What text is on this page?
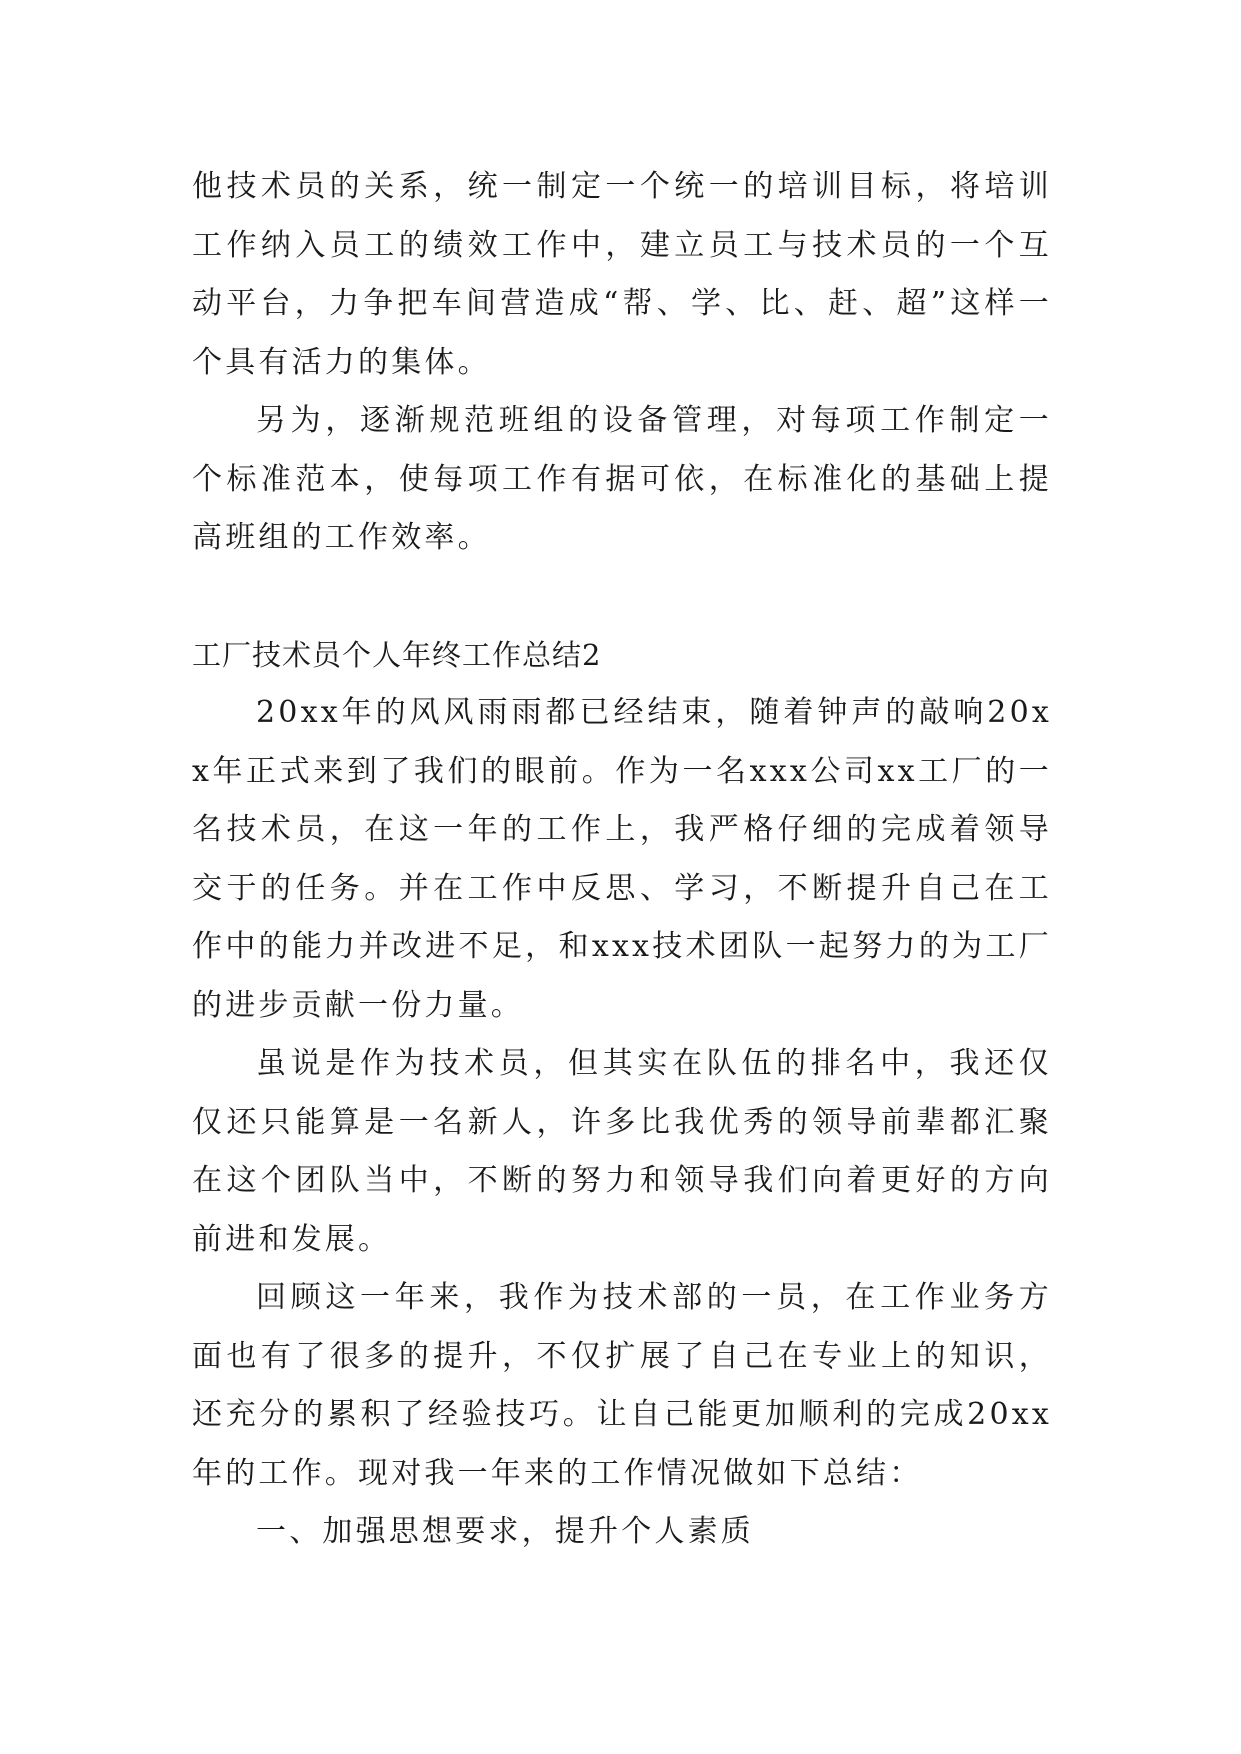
他技术员的关系，统一制定一个统一的培训目标，将培训工作纳入员工的绩效工作中，建立员工与技术员的一个互动平台，力争把车间营造成“帮、学、比、赶、超”这样一个具有活力的集体。

另为，逐渐规范班组的设备管理，对每项工作制定一个标准范本，使每项工作有据可依，在标准化的基础上提高班组的工作效率。

工厂技术员个人年终工作总结2

20xx年的风风雨雨都已经结束，随着钟声的敲响20xx年正式来到了我们的眼前。作为一名xxx公司xx工厂的一名技术员，在这一年的工作上，我严格仔细的完成着领导交于的任务。并在工作中反思、学习，不断提升自己在工作中的能力并改进不足，和xxx技术团队一起努力的为工厂的进步贡献一份力量。

虽说是作为技术员，但其实在队伍的排名中，我还仅仅还只能算是一名新人，许多比我优秀的领导前辈都汇聚在这个团队当中，不断的努力和领导我们向着更好的方向前进和发展。

回顾这一年来，我作为技术部的一员，在工作业务方面也有了很多的提升，不仅扩展了自己在专业上的知识，还充分的累积了经验技巧。让自己能更加顺利的完成20xx年的工作。现对我一年来的工作情况做如下总结：

一、加强思想要求，提升个人素质
